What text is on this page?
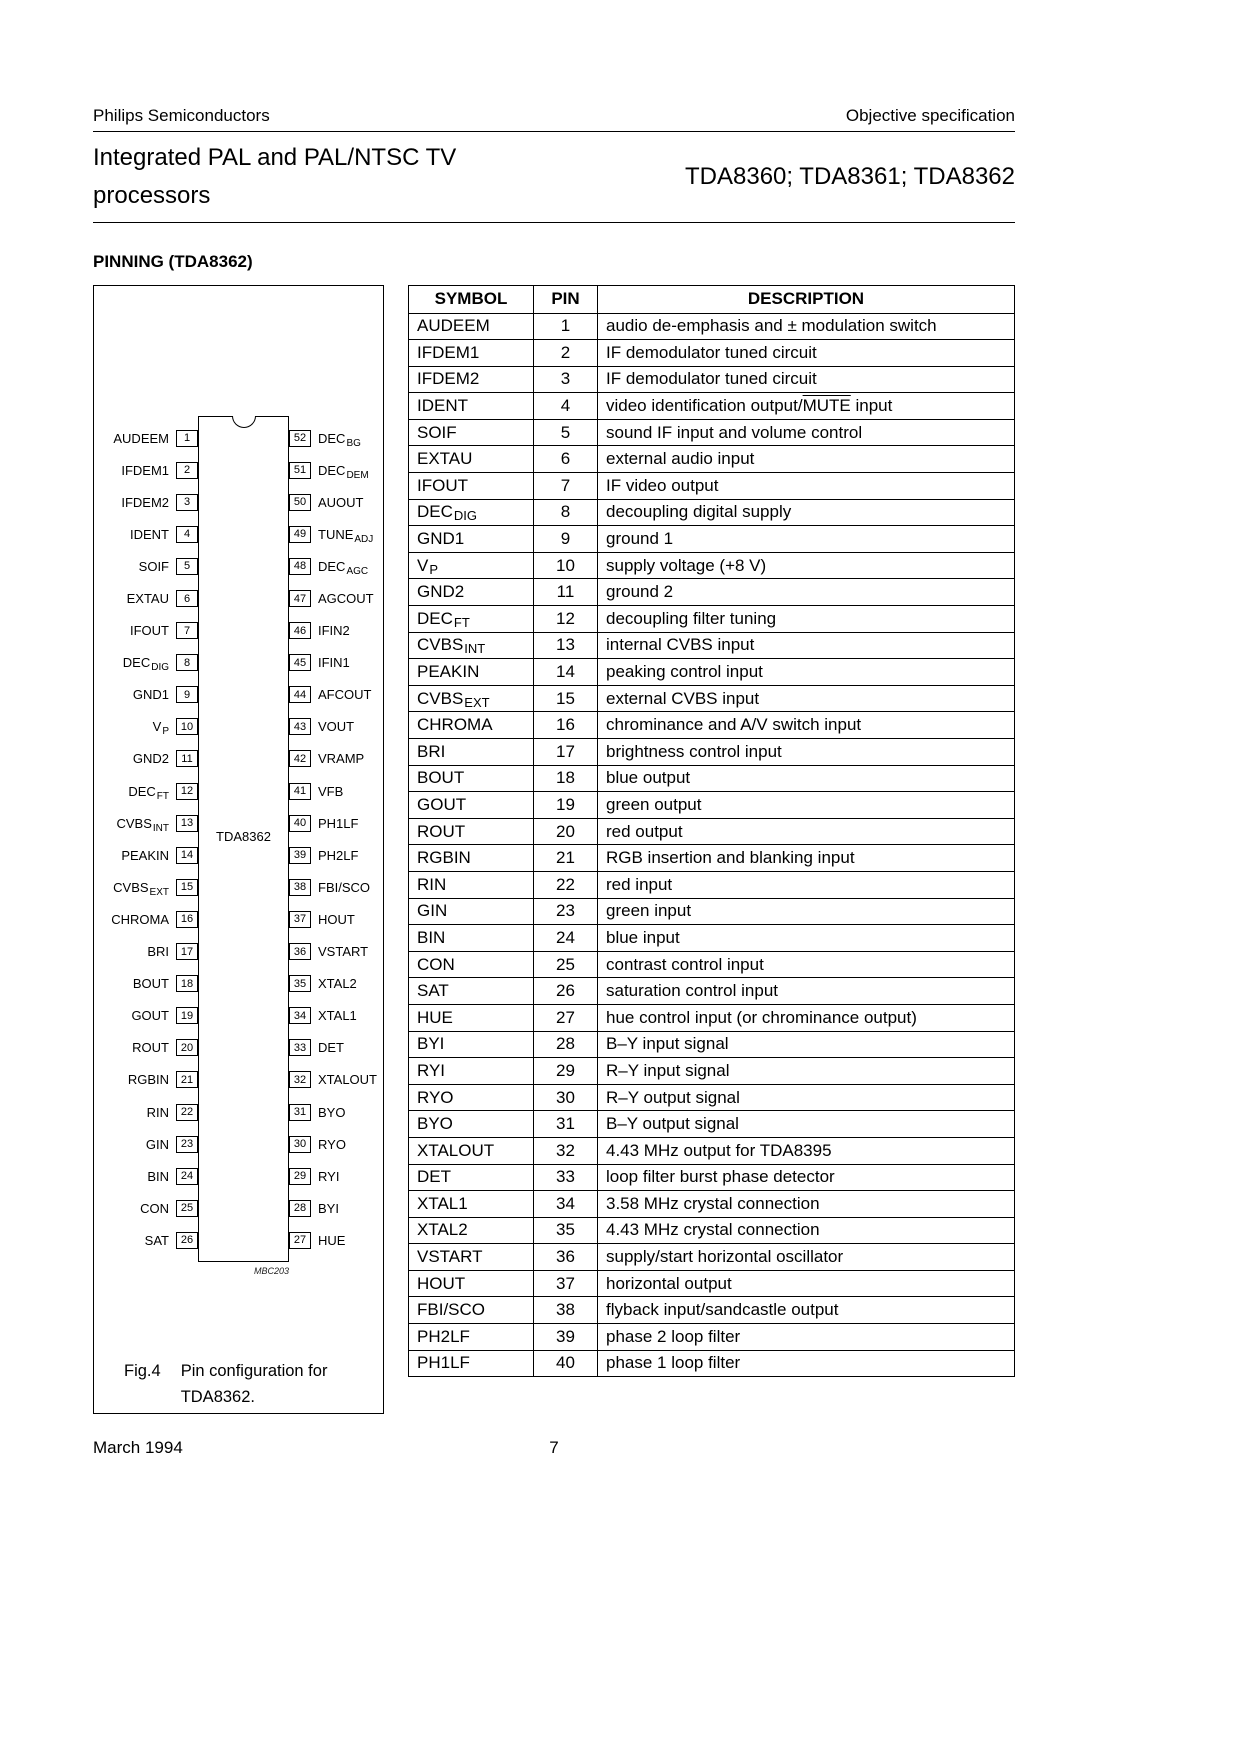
Philips Semiconductors	Objective specification
Integrated PAL and PAL/NTSC TV
processors
TDA8360; TDA8361; TDA8362
PINNING (TDA8362)
TDA8362
AUDEEM	1
IFDEM1	2
IFDEM2	3
IDENT	4
SOIF	5
EXTAU	6
IFOUT	7
$DEC_{DIG}$	8
GND1	9
$V_P$	10
GND2	11
$DEC_{FT}$	12
$CVBS_{INT}$	13
PEAKIN	14
$CVBS_{EXT}$	15
CHROMA	16
BRI	17
BOUT	18
GOUT	19
ROUT	20
RGBIN	21
RIN	22
GIN	23
BIN	24
CON	25
SAT	26
52 $DEC_{BG}$
51 $DEC_{DEM}$
50 AUOUT
49 $TUNE_{ADJ}$
48 $DEC_{AGC}$
47 AGCOUT
46 IFIN2
45 IFIN1
44 AFCOUT
43 VOUT
42 VRAMP
41 VFB
40 PH1LF
39 PH2LF
38 FBI/SCO
37 HOUT
36 VSTART
35 XTAL2
34 XTAL1
33 DET
32 XTALOUT
31 BYO
30 RYO
29 RYI
28 BYI
27 HUE
MBC203
Fig.4 Pin configuration for
TDA8362.
SYMBOL	PIN	DESCRIPTION
AUDEEM	1	audio de-emphasis and ± modulation switch
IFDEM1	2	IF demodulator tuned circuit
IFDEM2	3	IF demodulator tuned circuit
IDENT	4	video identification output/MUTE input
SOIF	5	sound IF input and volume control
EXTAU	6	external audio input
IFOUT	7	IF video output
DECDIG	8	decoupling digital supply
GND1	9	ground 1
VP	10	supply voltage (+8 V)
GND2	11	ground 2
DECFT	12	decoupling filter tuning
CVBSINT	13	internal CVBS input
PEAKIN	14	peaking control input
CVBSEXT	15	external CVBS input
CHROMA	16	chrominance and A/V switch input
BRI	17	brightness control input
BOUT	18	blue output
GOUT	19	green output
ROUT	20	red output
RGBIN	21	RGB insertion and blanking input
RIN	22	red input
GIN	23	green input
BIN	24	blue input
CON	25	contrast control input
SAT	26	saturation control input
HUE	27	hue control input (or chrominance output)
BYI	28	B–Y input signal
RYI	29	R–Y input signal
RYO	30	R–Y output signal
BYO	31	B–Y output signal
XTALOUT	32	4.43 MHz output for TDA8395
DET	33	loop filter burst phase detector
XTAL1	34	3.58 MHz crystal connection
XTAL2	35	4.43 MHz crystal connection
VSTART	36	supply/start horizontal oscillator
HOUT	37	horizontal output
FBI/SCO	38	flyback input/sandcastle output
PH2LF	39	phase 2 loop filter
PH1LF	40	phase 1 loop filter
March 1994	7
